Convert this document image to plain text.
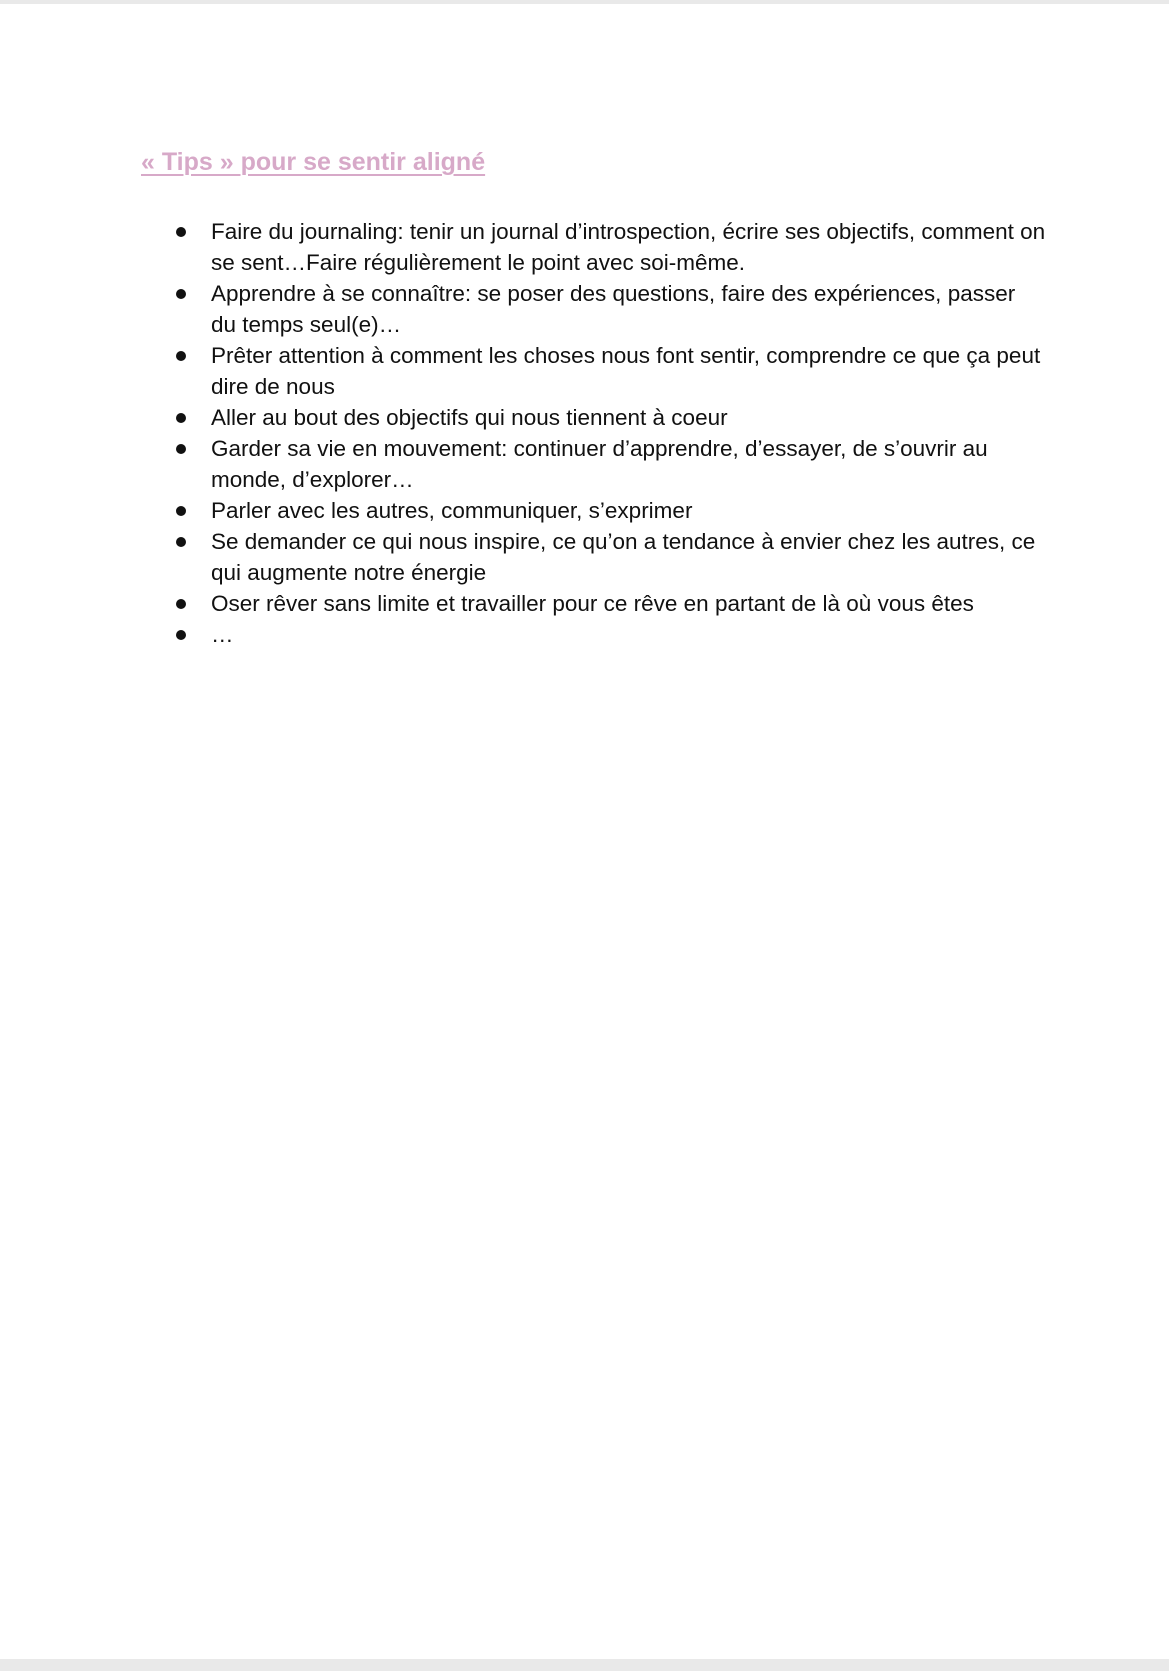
« Tips » pour se sentir aligné
Faire du journaling: tenir un journal d’introspection, écrire ses objectifs, comment on se sent…Faire régulièrement le point avec soi-même.
Apprendre à se connaître: se poser des questions, faire des expériences, passer du temps seul(e)…
Prêter attention à comment les choses nous font sentir, comprendre ce que ça peut dire de nous
Aller au bout des objectifs qui nous tiennent à coeur
Garder sa vie en mouvement: continuer d’apprendre, d’essayer, de s’ouvrir au monde, d’explorer…
Parler avec les autres, communiquer, s’exprimer
Se demander ce qui nous inspire, ce qu’on a tendance à envier chez les autres, ce qui augmente notre énergie
Oser rêver sans limite et travailler pour ce rêve en partant de là où vous êtes
…
